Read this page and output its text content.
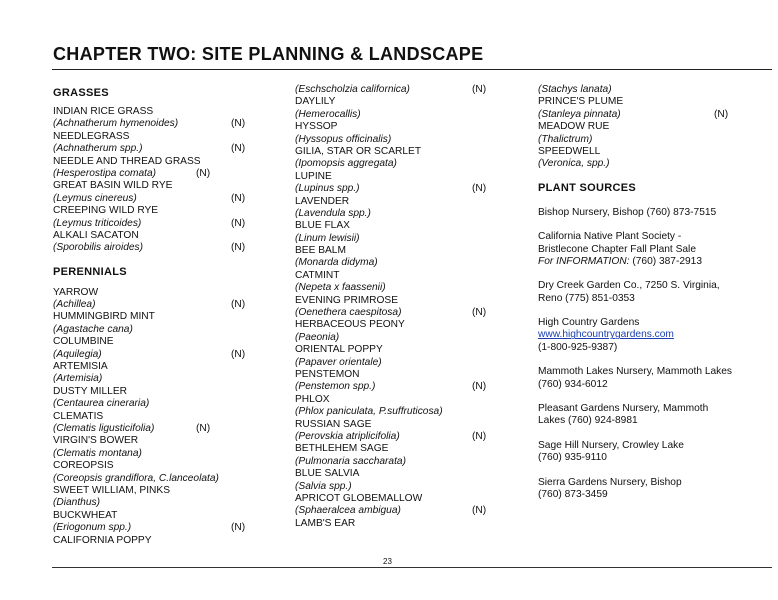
CHAPTER TWO: SITE PLANNING & LANDSCAPE
GRASSES
INDIAN RICE GRASS
(Achnatherum hymenoides)	(N)
NEEDLEGRASS
(Achnatherum spp.)	(N)
NEEDLE AND THREAD GRASS
(Hesperostipa comata)	(N)
GREAT BASIN WILD RYE
(Leymus cinereus)	(N)
CREEPING WILD RYE
(Leymus triticoides)	(N)
ALKALI SACATON
(Sporobilis airoides)	(N)
PERENNIALS
YARROW
(Achillea)	(N)
HUMMINGBIRD MINT
(Agastache cana)
COLUMBINE
(Aquilegia)	(N)
ARTEMISIA
(Artemisia)
DUSTY MILLER
(Centaurea cineraria)
CLEMATIS
(Clematis ligusticifolia)	(N)
VIRGIN'S BOWER
(Clematis montana)
COREOPSIS
(Coreopsis grandiflora, C.lanceolata)
SWEET WILLIAM, PINKS
(Dianthus)
BUCKWHEAT
(Eriogonum spp.)	(N)
CALIFORNIA POPPY
(Eschscholzia californica)	(N)
DAYLILY
(Hemerocallis)
HYSSOP
(Hyssopus officinalis)
GILIA, STAR OR SCARLET
(Ipomopsis aggregata)
LUPINE
(Lupinus spp.)	(N)
LAVENDER
(Lavendula spp.)
BLUE FLAX
(Linum lewisii)
BEE BALM
(Monarda didyma)
CATMINT
(Nepeta x faassenii)
EVENING PRIMROSE
(Oenethera caespitosa)	(N)
HERBACEOUS PEONY
(Paeonia)
ORIENTAL POPPY
(Papaver orientale)
PENSTEMON
(Penstemon spp.)	(N)
PHLOX
(Phlox paniculata, P.suffruticosa)
RUSSIAN SAGE
(Perovskia atriplicifolia)	(N)
BETHLEHEM SAGE
(Pulmonaria saccharata)
BLUE SALVIA
(Salvia spp.)
APRICOT GLOBEMALLOW
(Sphaeralcea ambigua)	(N)
LAMB'S EAR
(Stachys lanata)
PRINCE'S PLUME
(Stanleya pinnata)	(N)
MEADOW RUE
(Thalictrum)
SPEEDWELL
(Veronica, spp.)
PLANT SOURCES
Bishop Nursery, Bishop (760) 873-7515
California Native Plant Society -
Bristlecone Chapter Fall Plant Sale
For INFORMATION: (760) 387-2913
Dry Creek Garden Co., 7250 S. Virginia,
Reno (775) 851-0353
High Country Gardens
www.highcountrygardens.com
(1-800-925-9387)
Mammoth Lakes Nursery, Mammoth Lakes
(760) 934-6012
Pleasant Gardens Nursery, Mammoth
Lakes (760) 924-8981
Sage Hill Nursery, Crowley Lake
(760) 935-9110
Sierra Gardens Nursery, Bishop
(760) 873-3459
23
